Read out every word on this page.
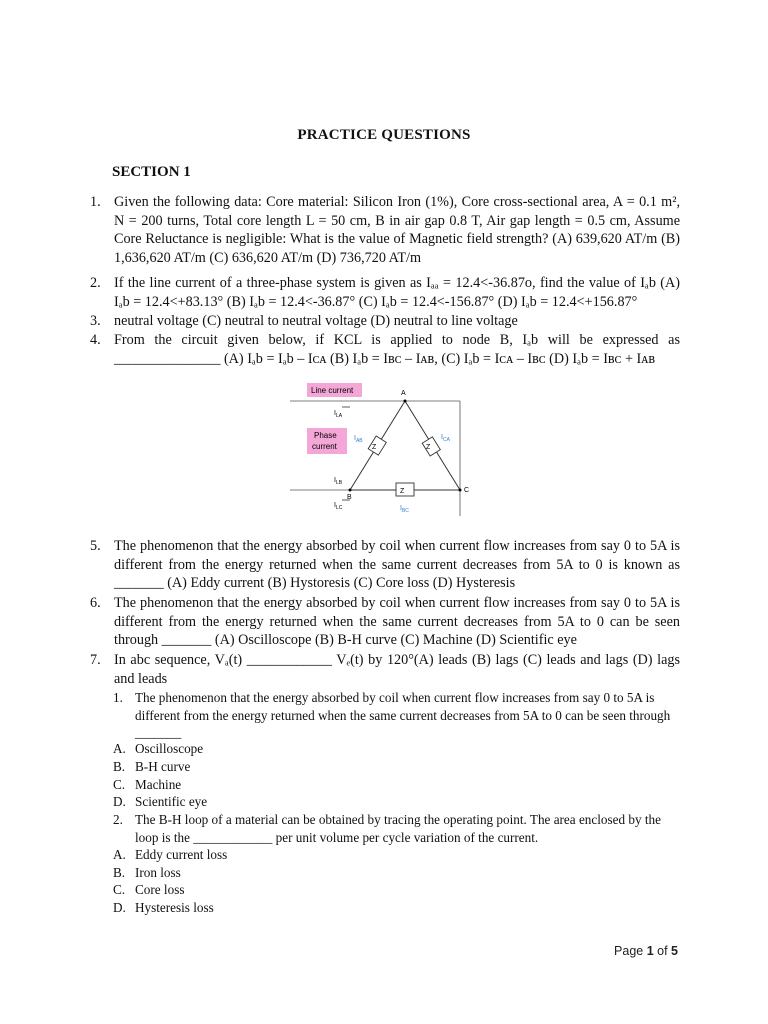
PRACTICE QUESTIONS
SECTION 1
1. Given the following data: Core material: Silicon Iron (1%), Core cross-sectional area, A = 0.1 m², N = 200 turns, Total core length L = 50 cm, B in air gap 0.8 T, Air gap length = 0.5 cm, Assume Core Reluctance is negligible: What is the value of Magnetic field strength? (A) 639,620 AT/m (B) 1,636,620 AT/m (C) 636,620 AT/m (D) 736,720 AT/m
2. If the line current of a three-phase system is given as Iₐₐ = 12.4<-36.87o, find the value of Iₐb (A) Iₐb = 12.4<+83.13° (B) Iₐb = 12.4<-36.87° (C) Iₐb = 12.4<-156.87° (D) Iₐb = 12.4<+156.87°
3. neutral voltage (C) neutral to neutral voltage (D) neutral to line voltage
4. From the circuit given below, if KCL is applied to node B, Iₐb will be expressed as _______________ (A) Iₐb = Iₐb – Iᴄᴀ (B) Iₐb = Iʙᴄ – Iᴀʙ, (C) Iₐb = Iᴄᴀ – Iʙᴄ (D) Iₐb = Iʙᴄ + Iᴀʙ
Z	Z
Z
Line current
Phase
current
A
B
C
$I_{LA}$
$I_{AB}$	$I_{CA}$
$I_{BC}$
$I_{LB}$
$I_{LC}$
5. The phenomenon that the energy absorbed by coil when current flow increases from say 0 to 5A is different from the energy returned when the same current decreases from 5A to 0 is known as _______ (A) Eddy current (B) Hystoresis (C) Core loss (D) Hysteresis
6. The phenomenon that the energy absorbed by coil when current flow increases from say 0 to 5A is different from the energy returned when the same current decreases from 5A to 0 can be seen through _______ (A) Oscilloscope (B) B-H curve (C) Machine (D) Scientific eye
7. In abc sequence, Vₐ(t) ____________ Vₑ(t) by 120°(A) leads (B) lags (C) leads and lags (D) lags and leads
1. The phenomenon that the energy absorbed by coil when current flow increases from say 0 to 5A is different from the energy returned when the same current decreases from 5A to 0 can be seen through _______
A. Oscilloscope
B. B-H curve
C. Machine
D. Scientific eye
2. The B-H loop of a material can be obtained by tracing the operating point. The area enclosed by the loop is the ____________ per unit volume per cycle variation of the current.
A. Eddy current loss
B. Iron loss
C. Core loss
D. Hysteresis loss
Page 1 of 5
